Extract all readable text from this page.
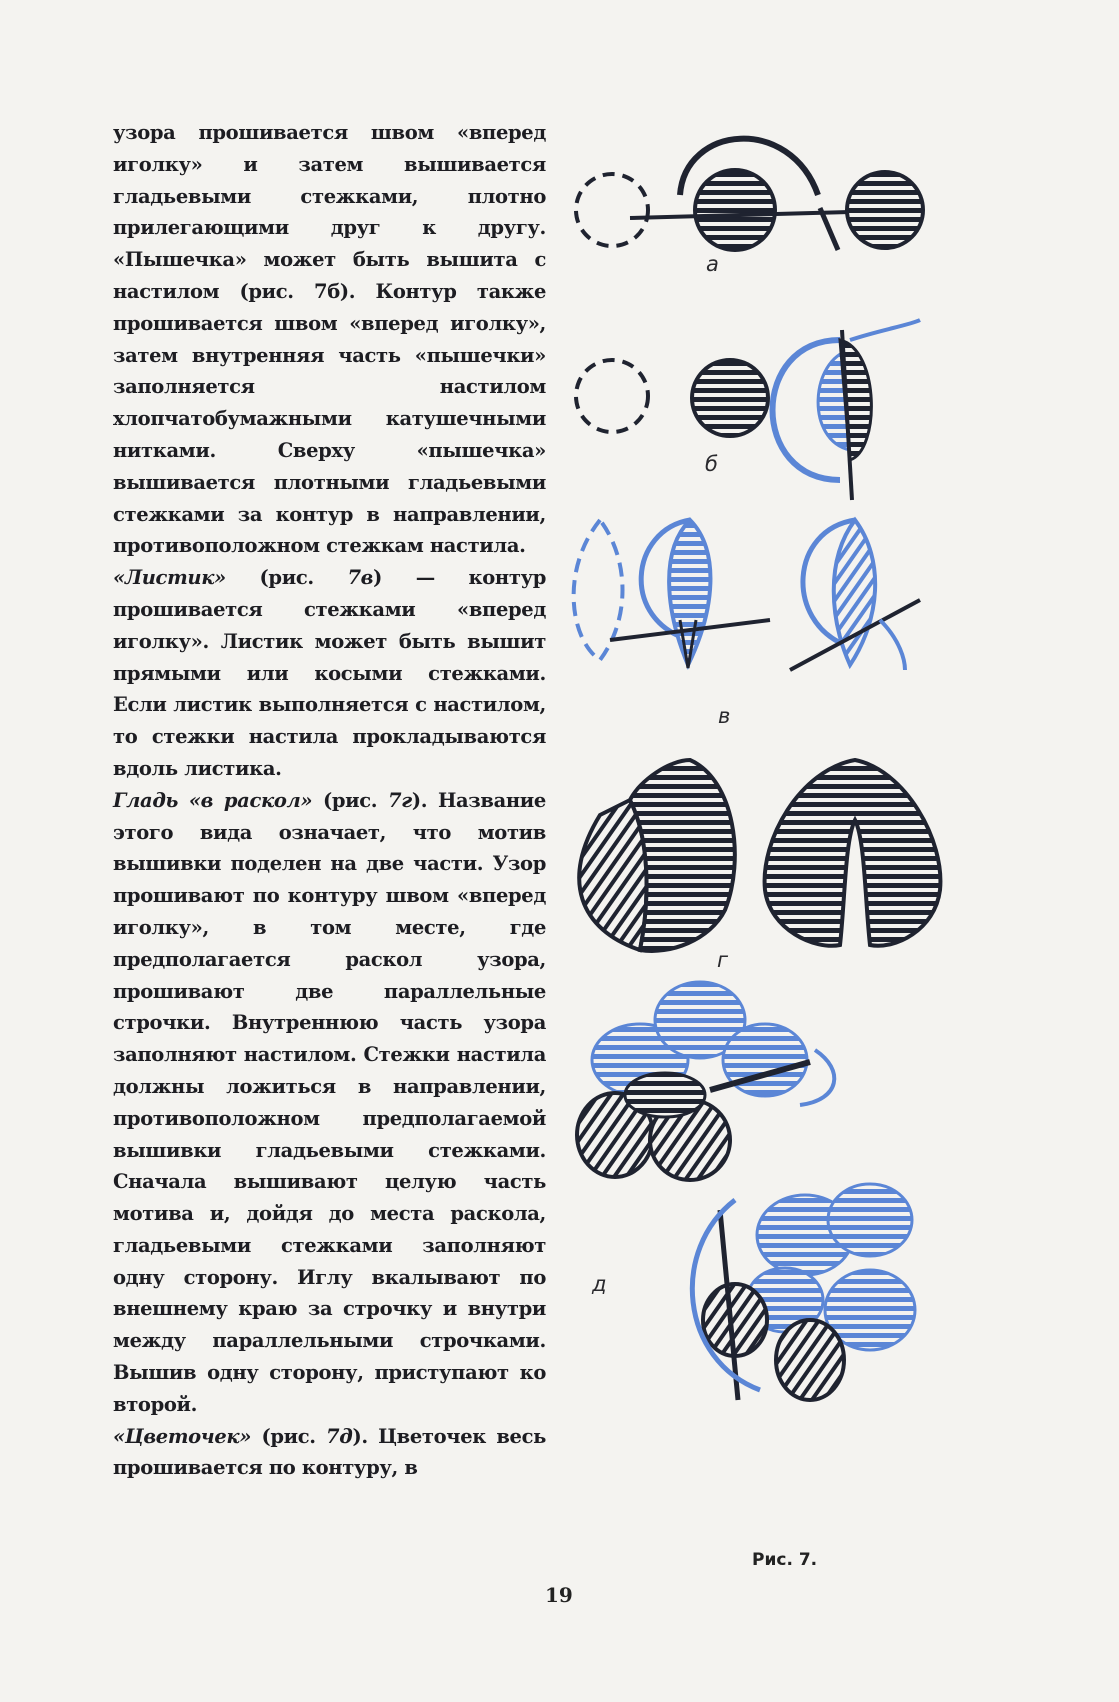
узора прошивается швом «вперед иголку» и затем вышивается гладьевыми стежками, плотно прилегающими друг к другу. «Пышечка» может быть вышита с настилом (рис. 7б). Контур также прошивается швом «вперед иголку», затем внутренняя часть «пышечки» заполняется настилом хлопчатобумажными катушечными нитками. Сверху «пышечка» вышивается плотными гладьевыми стежками за контур в направлении, противоположном стежкам настила.

«Листик» (рис. 7в) — контур прошивается стежками «вперед иголку». Листик может быть вышит прямыми или косыми стежками. Если листик выполняется с настилом, то стежки настила прокладываются вдоль листика.

Гладь «в раскол» (рис. 7г). Название этого вида означает, что мотив вышивки поделен на две части. Узор прошивают по контуру швом «вперед иголку», в том месте, где предполагается раскол узора, прошивают две параллельные строчки. Внутреннюю часть узора заполняют настилом. Стежки настила должны ложиться в направлении, противоположном предполагаемой вышивки гладьевыми стежками. Сначала вышивают целую часть мотива и, дойдя до места раскола, гладьевыми стежками заполняют одну сторону. Иглу вкалывают по внешнему краю за строчку и внутри между параллельными строчками. Вышив одну сторону, приступают ко второй.

«Цветочек» (рис. 7д). Цветочек весь прошивается по контуру, в

а
б
в
г
д
Рис. 7.
19
